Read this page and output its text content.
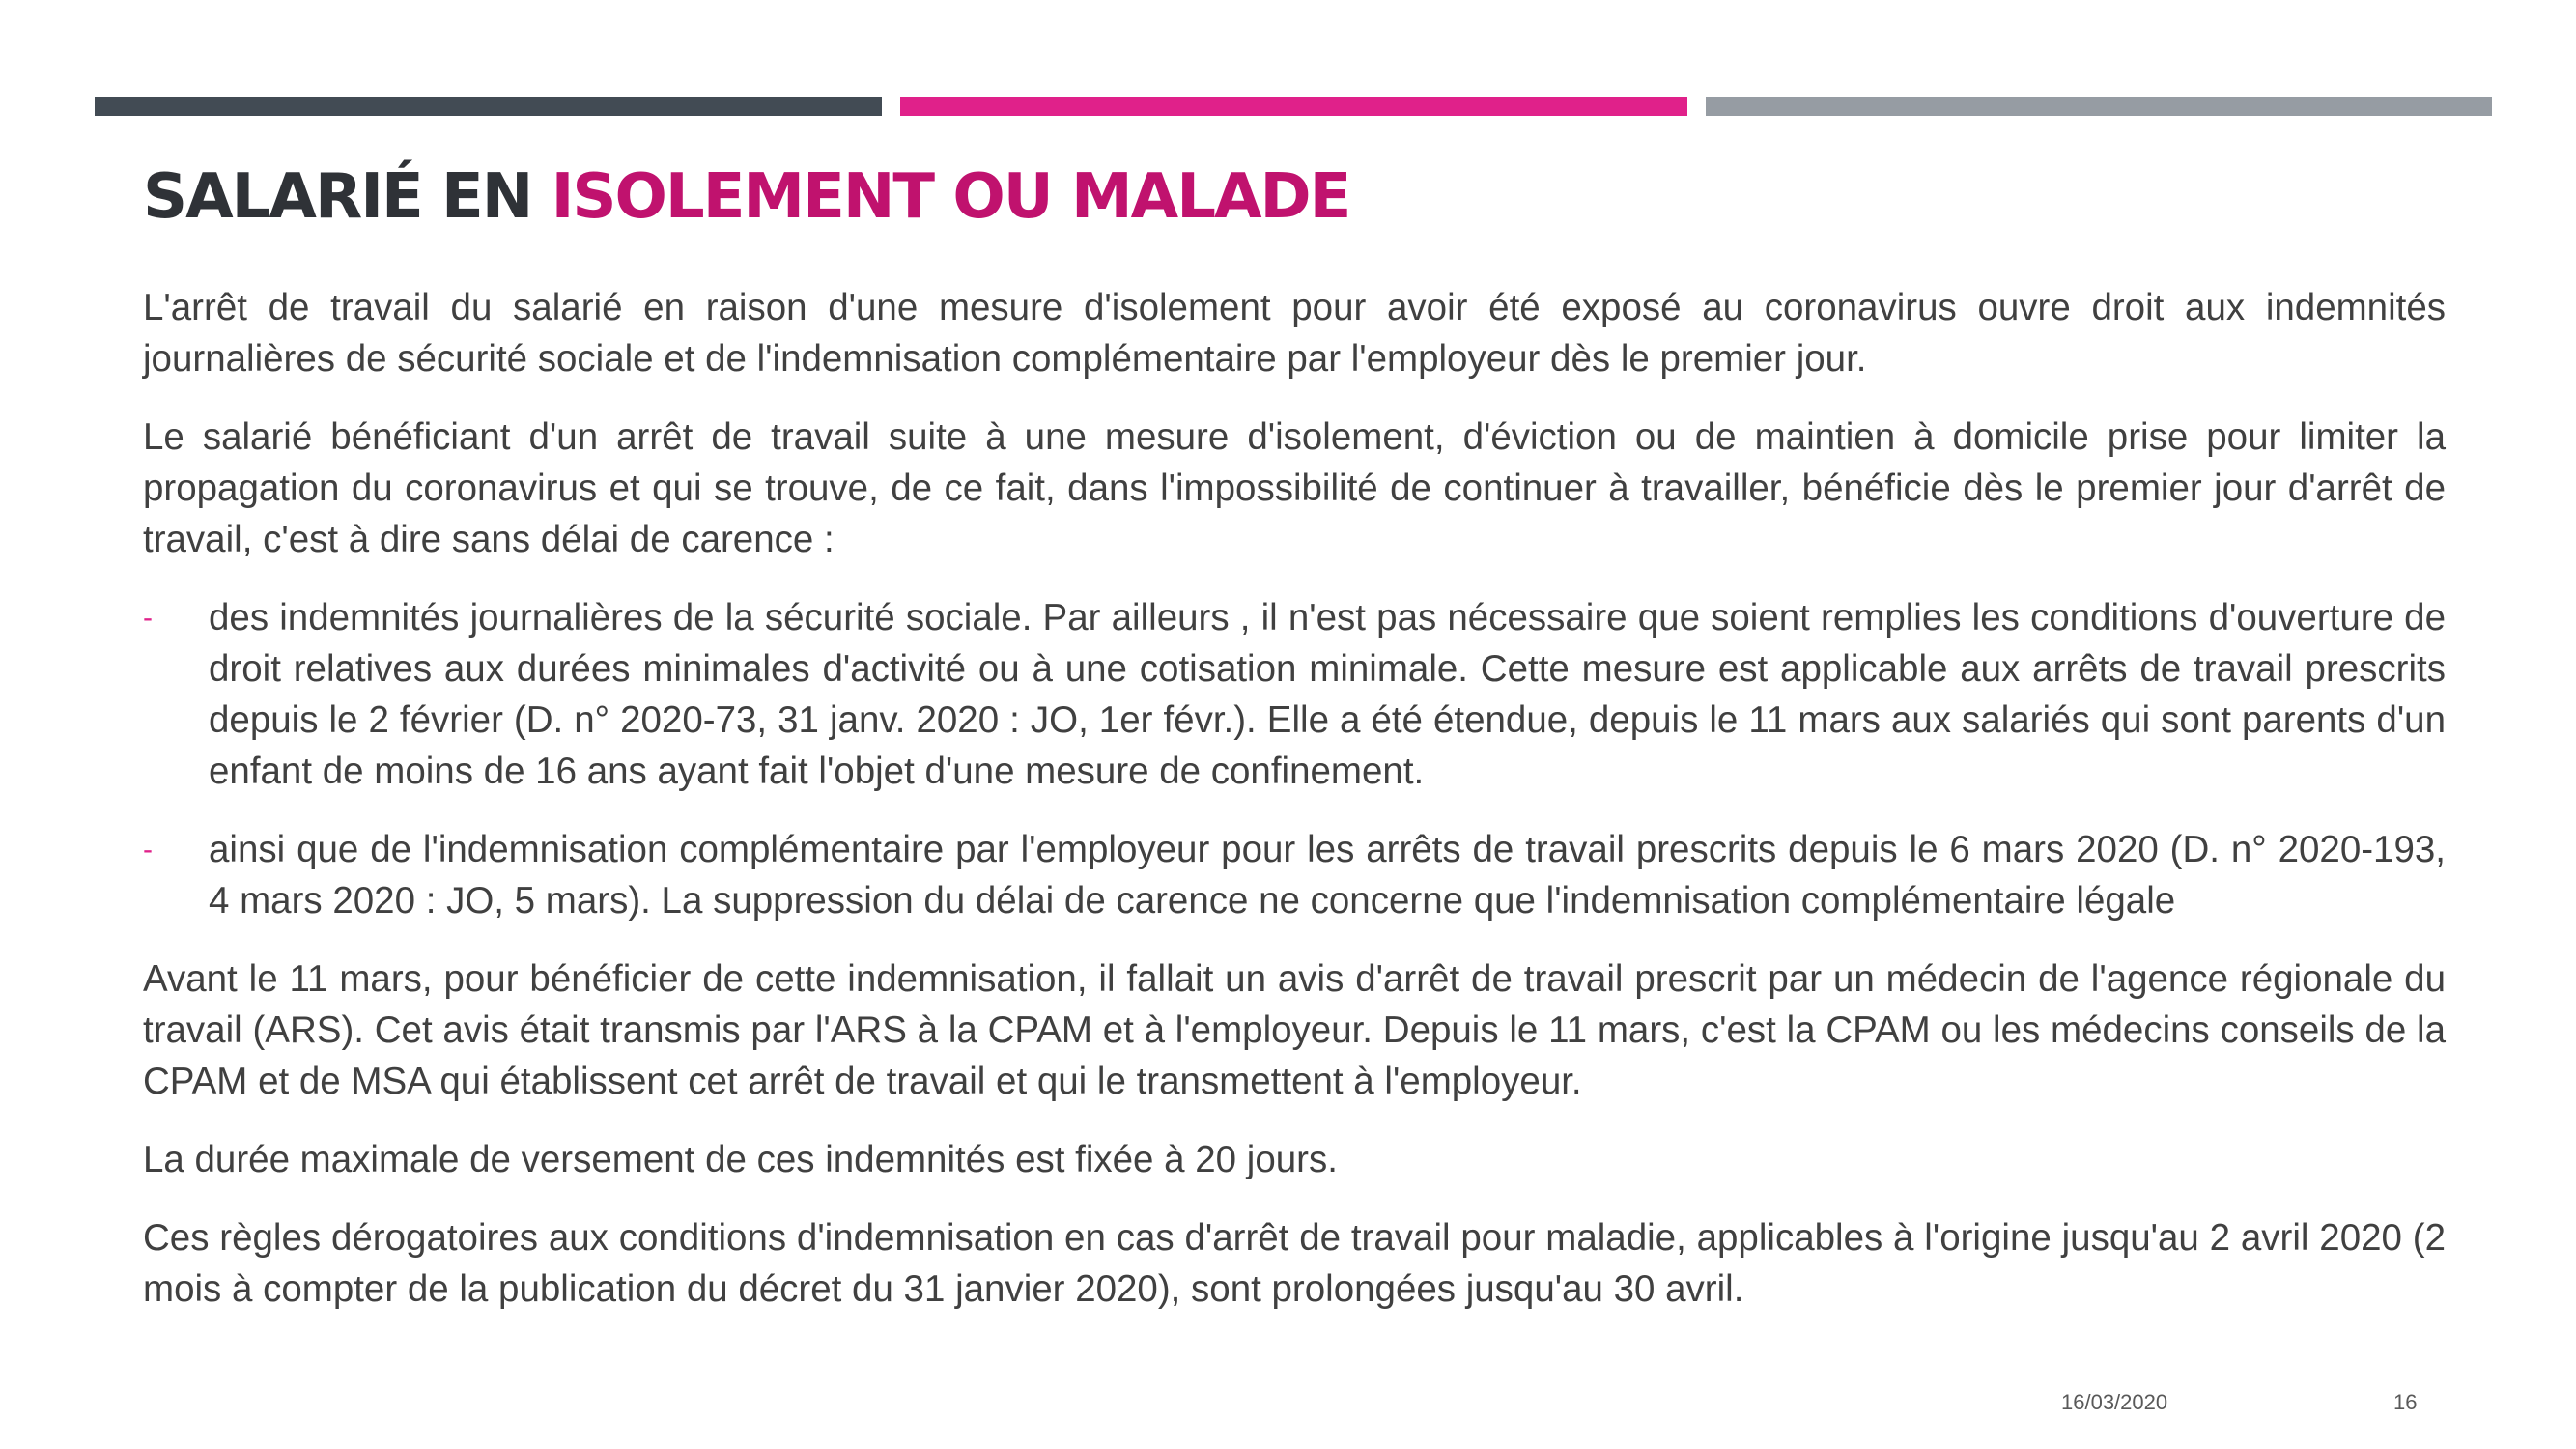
SALARIÉ EN ISOLEMENT OU MALADE

L'arrêt de travail du salarié en raison d'une mesure d'isolement pour avoir été exposé au coronavirus ouvre droit aux indemnités journalières de sécurité sociale et de l'indemnisation complémentaire par l'employeur dès le premier jour.

Le salarié bénéficiant d'un arrêt de travail suite à une mesure d'isolement, d'éviction ou de maintien à domicile prise pour limiter la propagation du coronavirus et qui se trouve, de ce fait, dans l'impossibilité de continuer à travailler, bénéficie dès le premier jour d'arrêt de travail, c'est à dire sans délai de carence :

- des indemnités journalières de la sécurité sociale. Par ailleurs , il n'est pas nécessaire que soient remplies les conditions d'ouverture de droit relatives aux durées minimales d'activité ou à une cotisation minimale. Cette mesure est applicable aux arrêts de travail prescrits depuis le 2 février (D. n° 2020-73, 31 janv. 2020 : JO, 1er févr.). Elle a été étendue, depuis le 11 mars aux salariés qui sont parents d'un enfant de moins de 16 ans ayant fait l'objet d'une mesure de confinement.
- ainsi que de l'indemnisation complémentaire par l'employeur pour les arrêts de travail prescrits depuis le 6 mars 2020 (D. n° 2020-193, 4 mars 2020 : JO, 5 mars). La suppression du délai de carence ne concerne que l'indemnisation complémentaire légale

Avant le 11 mars, pour bénéficier de cette indemnisation, il fallait un avis d'arrêt de travail prescrit par un médecin de l'agence régionale du travail (ARS). Cet avis était transmis par l'ARS à la CPAM et à l'employeur. Depuis le 11 mars, c'est la CPAM ou les médecins conseils de la CPAM et de MSA qui établissent cet arrêt de travail et qui le transmettent à l'employeur.

La durée maximale de versement de ces indemnités est fixée à 20 jours.

Ces règles dérogatoires aux conditions d'indemnisation en cas d'arrêt de travail pour maladie, applicables à l'origine jusqu'au 2 avril 2020 (2 mois à compter de la publication du décret du 31 janvier 2020), sont prolongées jusqu'au 30 avril.

16/03/2020	16
